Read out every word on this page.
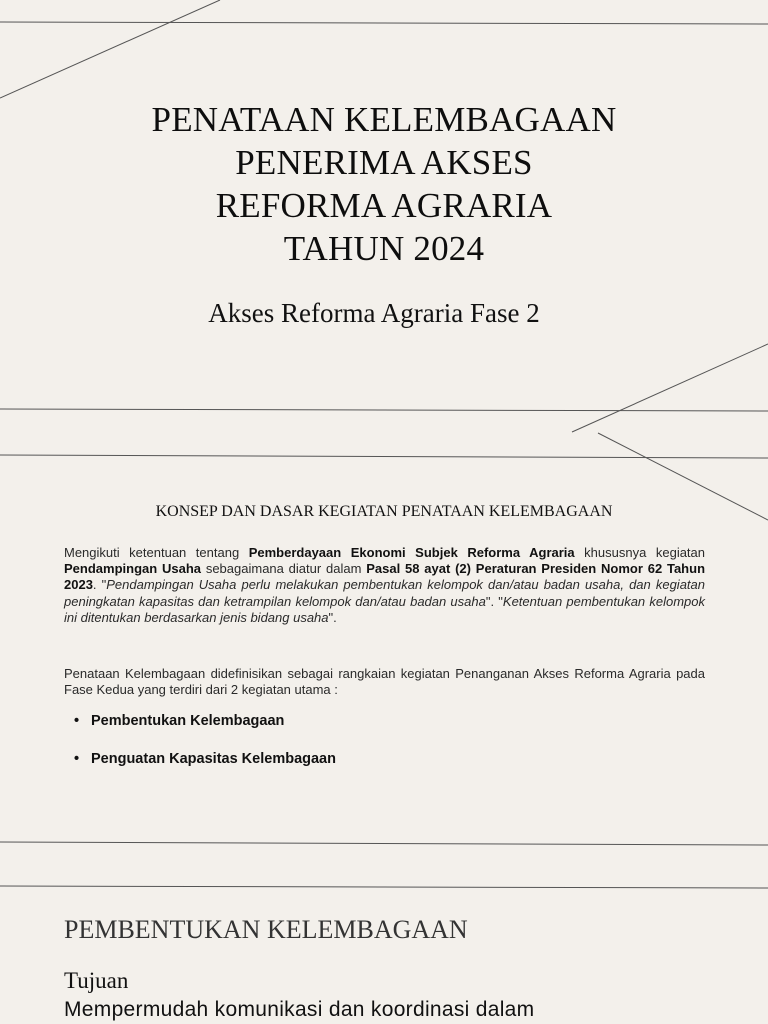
PENATAAN KELEMBAGAAN
PENERIMA AKSES
REFORMA AGRARIA
TAHUN 2024
Akses Reforma Agraria Fase 2
KONSEP DAN DASAR KEGIATAN PENATAAN KELEMBAGAAN
Mengikuti ketentuan tentang Pemberdayaan Ekonomi Subjek Reforma Agraria khususnya kegiatan Pendampingan Usaha sebagaimana diatur dalam Pasal 58 ayat (2) Peraturan Presiden Nomor 62 Tahun 2023. "Pendampingan Usaha perlu melakukan pembentukan kelompok dan/atau badan usaha, dan kegiatan peningkatan kapasitas dan ketrampilan kelompok dan/atau badan usaha". "Ketentuan pembentukan kelompok ini ditentukan berdasarkan jenis bidang usaha".
Penataan Kelembagaan didefinisikan sebagai rangkaian kegiatan Penanganan Akses Reforma Agraria pada Fase Kedua yang terdiri dari 2 kegiatan utama :
• Pembentukan Kelembagaan
• Penguatan Kapasitas Kelembagaan
PEMBENTUKAN KELEMBAGAAN
Tujuan
Mempermudah komunikasi dan koordinasi dalam
